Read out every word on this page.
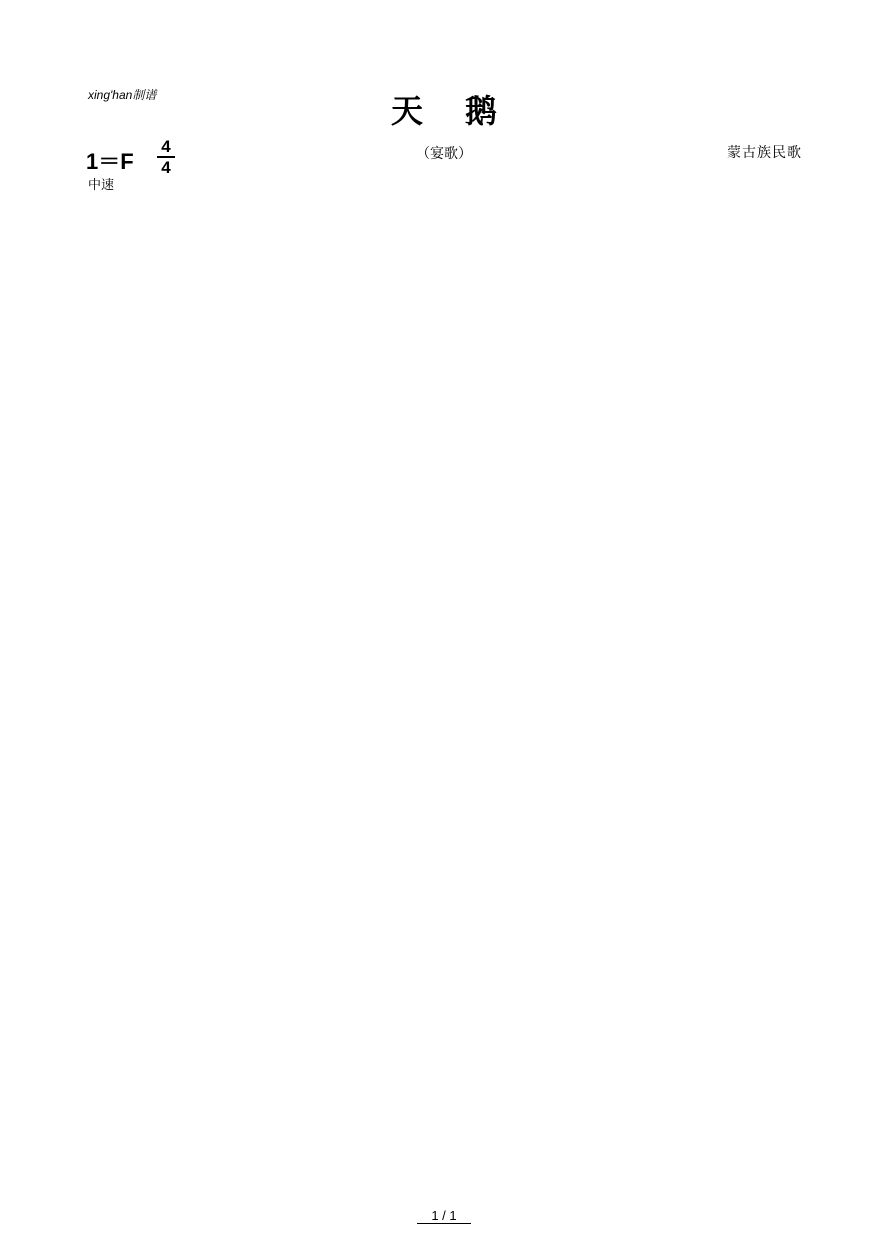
xing'han制谱	天鹅
1＝F
4
4
（宴歌）	蒙古族民歌
中速
1 / 1
